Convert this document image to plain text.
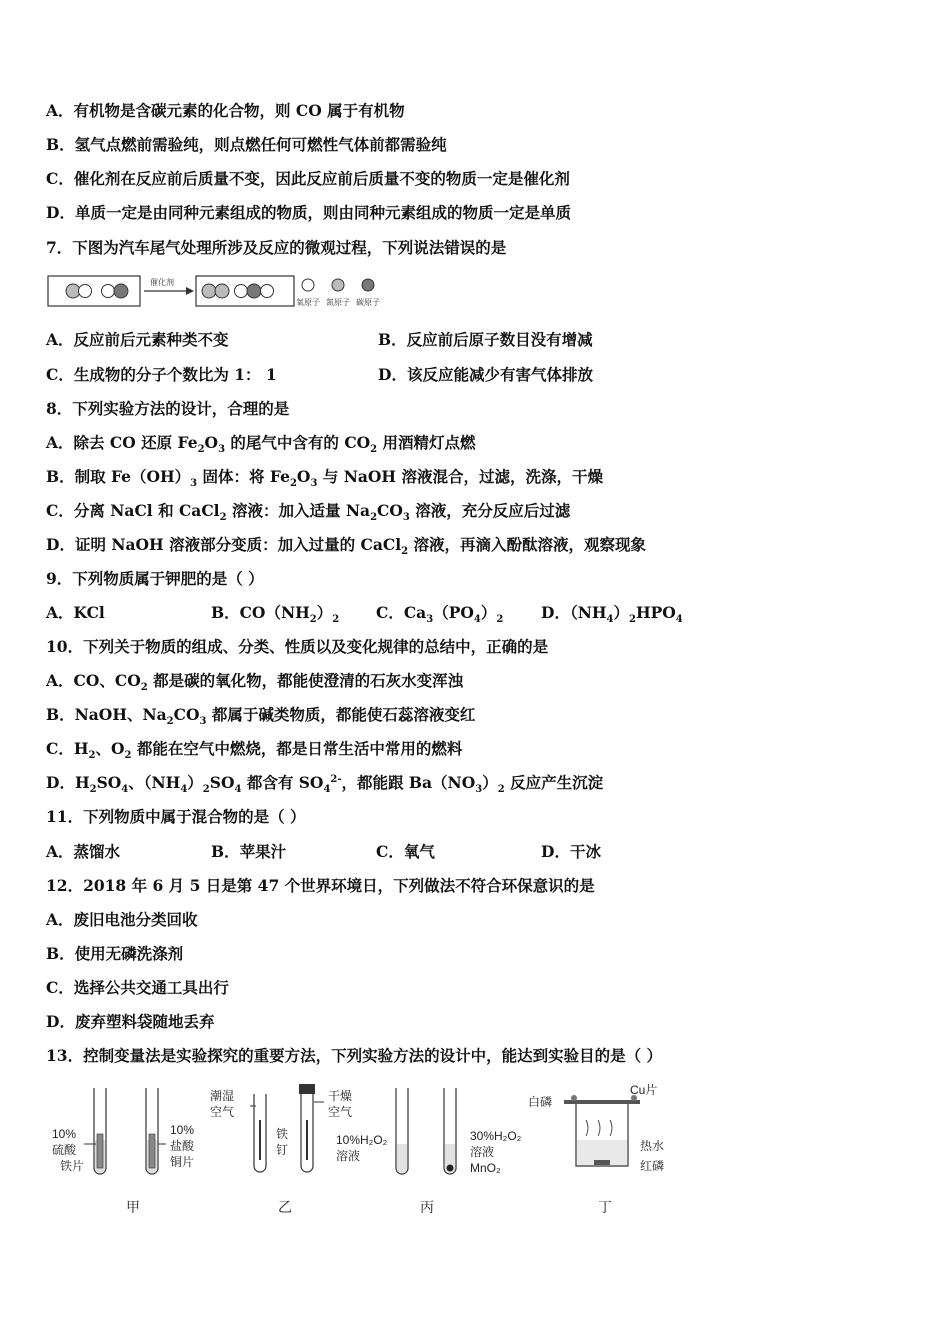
A．有机物是含碳元素的化合物，则 CO 属于有机物
B．氢气点燃前需验纯，则点燃任何可燃性气体前都需验纯
C．催化剂在反应前后质量不变，因此反应前后质量不变的物质一定是催化剂
D．单质一定是由同种元素组成的物质，则由同种元素组成的物质一定是单质
7．下图为汽车尾气处理所涉及反应的微观过程，下列说法错误的是
催化剂
氧原子 氮原子 碳原子
A．反应前后元素种类不变	B．反应前后原子数目没有增减
C．生成物的分子个数比为 1： 1	D．该反应能减少有害气体排放
8．下列实验方法的设计，合理的是
A．除去 CO 还原 $Fe_2O_3$ 的尾气中含有的 $CO_2$ 用酒精灯点燃
B．制取 $Fe(OH)_3$ 固体：将 $Fe_2O_3$ 与 NaOH 溶液混合，过滤，洗涤，干燥
C．分离 NaCl 和 CaCl$_2$ 溶液：加入适量 $Na_2CO_3$ 溶液，充分反应后过滤
D．证明 NaOH 溶液部分变质：加入过量的 CaCl$_2$ 溶液，再滴入酚酞溶液，观察现象
9．下列物质属于钾肥的是（ ）
A．KCl	B．$CO(NH_2)_2$ C．$Ca_3(PO_4)_2$ D．$(NH_4)_2HPO_4$
10．下列关于物质的组成、分类、性质以及变化规律的总结中，正确的是
A．CO、$CO_2$ 都是碳的氧化物，都能使澄清的石灰水变浑浊
B．NaOH、$Na_2CO_3$ 都属于碱类物质，都能使石蕊溶液变红
C．$H_2$、$O_2$ 都能在空气中燃烧，都是日常生活中常用的燃料
D．$H_2SO_4$、$(NH_4)_2SO_4$ 都含有 $SO_4^{2-}$，都能跟 $Ba(NO_3)_2$ 反应产生沉淀
11．下列物质中属于混合物的是（ ）
A．蒸馏水	B．苹果汁	C．氧气	D．干冰
12．2018 年 6 月 5 日是第 47 个世界环境日，下列做法不符合环保意识的是
A．废旧电池分类回收
B．使用无磷洗涤剂
C．选择公共交通工具出行
D．废弃塑料袋随地丢弃
13．控制变量法是实验探究的重要方法，下列实验方法的设计中，能达到实验目的是（ ）
10%
硫酸
铁片
10%
盐酸
铜片
甲
潮湿
空气
铁
钉
干燥
空气
乙
10%H₂O₂
溶液
30%H₂O₂
溶液
MnO₂
丙
白磷
Cu片
热水
红磷
丁
